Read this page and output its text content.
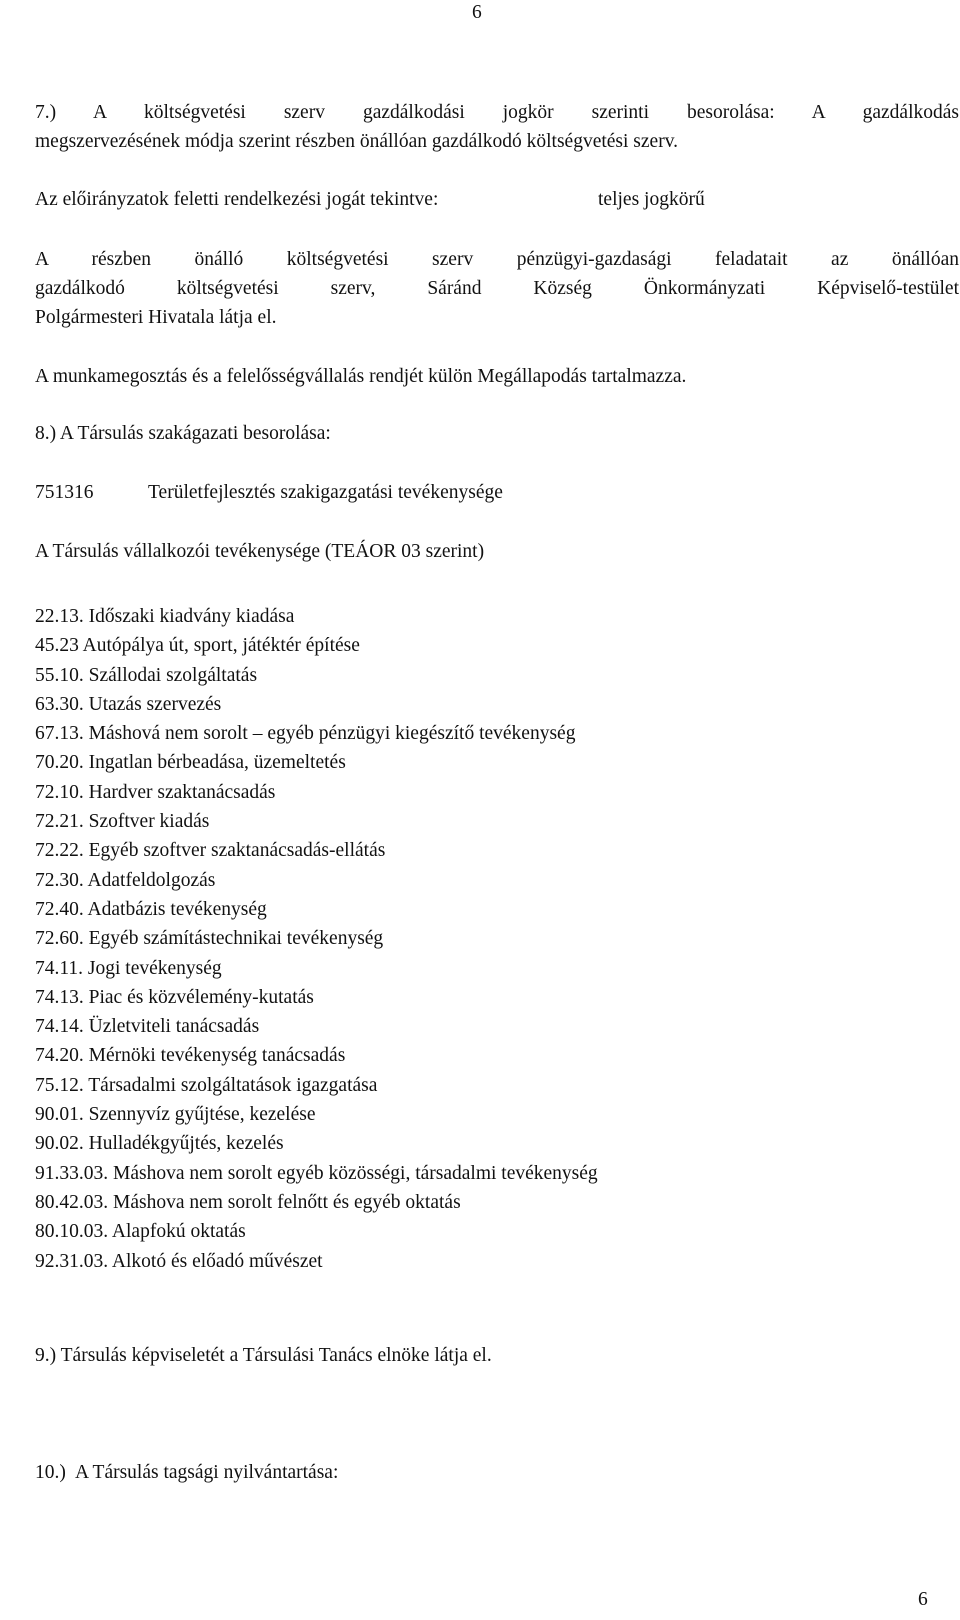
6
7.) A költségvetési szerv gazdálkodási jogkör szerinti besorolása: A gazdálkodás
megszervezésének módja szerint részben önállóan gazdálkodó költségvetési szerv.
Az előirányzatok feletti rendelkezési jogát tekintve:	teljes jogkörű
A részben önálló költségvetési szerv pénzügyi-gazdasági feladatait az önállóan
gazdálkodó költségvetési szerv, Sáránd Község Önkormányzati Képviselő-testület
Polgármesteri Hivatala látja el.
A munkamegosztás és a felelősségvállalás rendjét külön Megállapodás tartalmazza.
8.) A Társulás szakágazati besorolása:
751316	Területfejlesztés szakigazgatási tevékenysége
A Társulás vállalkozói tevékenysége (TEÁOR 03 szerint)
22.13. Időszaki kiadvány kiadása
45.23 Autópálya út, sport, játéktér építése
55.10. Szállodai szolgáltatás
63.30. Utazás szervezés
67.13. Máshová nem sorolt – egyéb pénzügyi kiegészítő tevékenység
70.20. Ingatlan bérbeadása, üzemeltetés
72.10. Hardver szaktanácsadás
72.21. Szoftver kiadás
72.22. Egyéb szoftver szaktanácsadás-ellátás
72.30. Adatfeldolgozás
72.40. Adatbázis tevékenység
72.60. Egyéb számítástechnikai tevékenység
74.11. Jogi tevékenység
74.13. Piac és közvélemény-kutatás
74.14. Üzletviteli tanácsadás
74.20. Mérnöki tevékenység tanácsadás
75.12. Társadalmi szolgáltatások igazgatása
90.01. Szennyvíz gyűjtése, kezelése
90.02. Hulladékgyűjtés, kezelés
91.33.03. Máshova nem sorolt egyéb közösségi, társadalmi tevékenység
80.42.03. Máshova nem sorolt felnőtt és egyéb oktatás
80.10.03. Alapfokú oktatás
92.31.03. Alkotó és előadó művészet
9.) Társulás képviseletét a Társulási Tanács elnöke látja el.
10.) A Társulás tagsági nyilvántartása:
6
